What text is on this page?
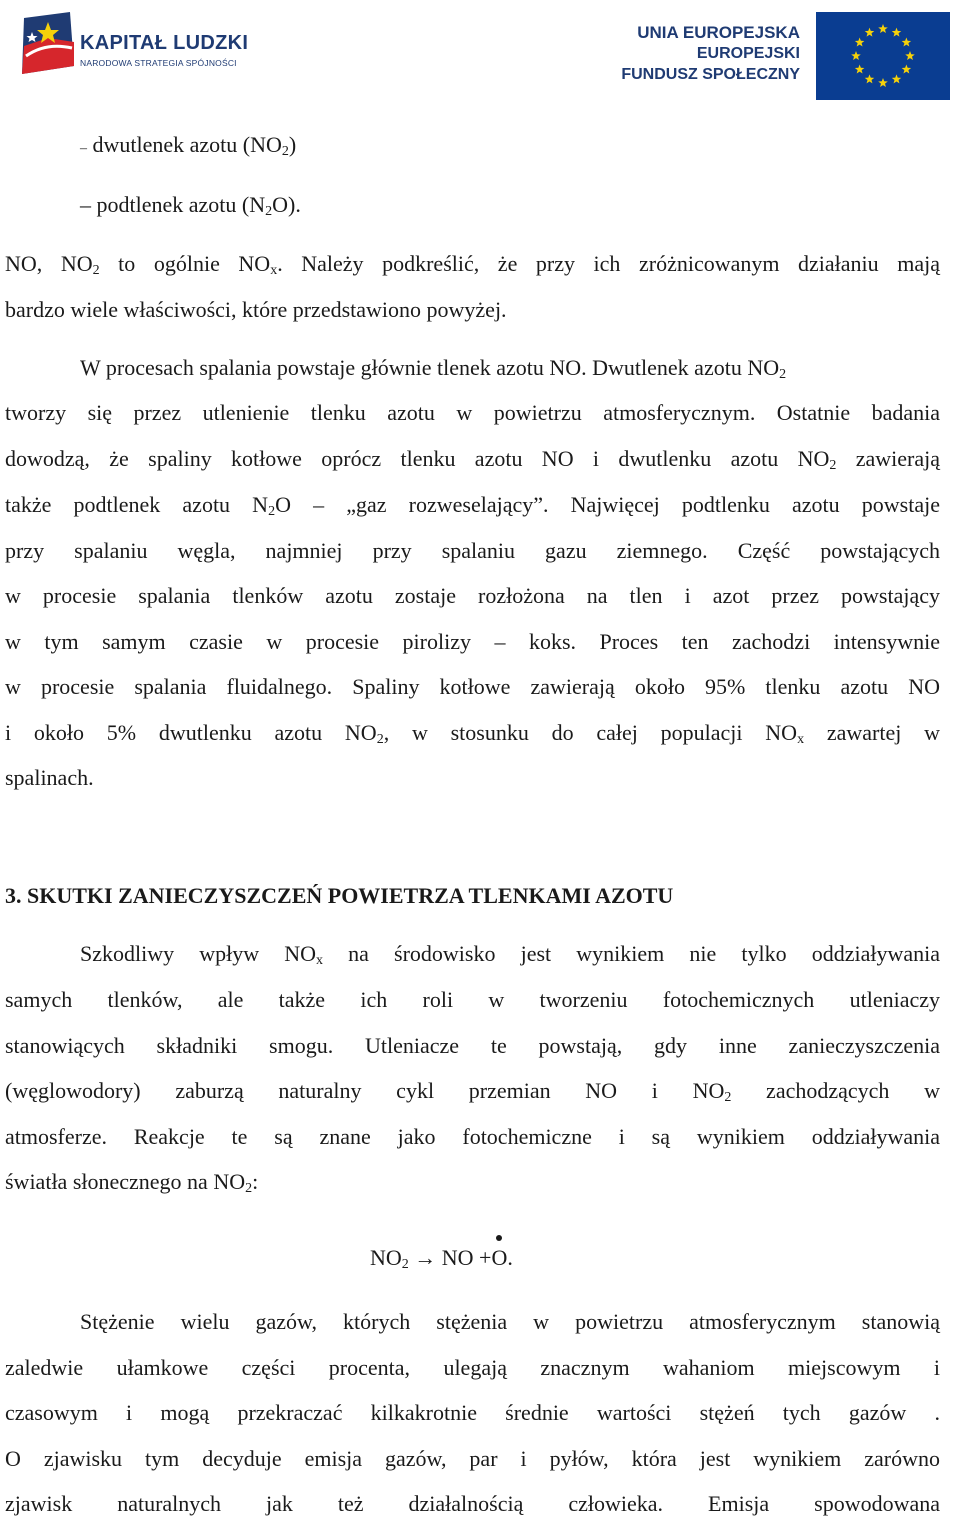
KAPITAŁ LUDZKI
NARODOWA STRATEGIA SPÓJNOŚCI
UNIA EUROPEJSKA
EUROPEJSKI
FUNDUSZ SPOŁECZNY
– dwutlenek azotu $(NO_2)$
– podtlenek azotu $(N_2O)$.
NO, $NO_2$ to ogólnie $NO_x$. Należy podkreślić, że przy ich zróżnicowanym działaniu mają
bardzo wiele właściwości, które przedstawiono powyżej.
W procesach spalania powstaje głównie tlenek azotu NO. Dwutlenek azotu $NO_2$
tworzy się przez utlenienie tlenku azotu w powietrzu atmosferycznym. Ostatnie badania
dowodzą, że spaliny kotłowe oprócz tlenku azotu NO i dwutlenku azotu $NO_2$ zawierają
także podtlenek azotu $N_2O$ – „gaz rozweselający”. Najwięcej podtlenku azotu powstaje
przy spalaniu węgla, najmniej przy spalaniu gazu ziemnego. Część powstających
w procesie spalania tlenków azotu zostaje rozłożona na tlen i azot przez powstający
w tym samym czasie w procesie pirolizy – koks. Proces ten zachodzi intensywnie
w procesie spalania fluidalnego. Spaliny kotłowe zawierają około 95% tlenku azotu NO
i około 5% dwutlenku azotu $NO_2$, w stosunku do całej populacji $NO_x$ zawartej w
spalinach.
3. SKUTKI ZANIECZYSZCZEŃ POWIETRZA TLENKAMI AZOTU
Szkodliwy wpływ $NO_x$ na środowisko jest wynikiem nie tylko oddziaływania
samych tlenków, ale także ich roli w tworzeniu fotochemicznych utleniaczy
stanowiących składniki smogu. Utleniacze te powstają, gdy inne zanieczyszczenia
(węglowodory) zaburzą naturalny cykl przemian NO i $NO_2$ zachodzących w
atmosferze. Reakcje te są znane jako fotochemiczne i są wynikiem oddziaływania
światła słonecznego na $NO_2$:
$NO_2$ → NO +
O.
Stężenie wielu gazów, których stężenia w powietrzu atmosferycznym stanowią
zaledwie ułamkowe części procenta, ulegają znacznym wahaniom miejscowym i
czasowym i mogą przekraczać kilkakrotnie średnie wartości stężeń tych gazów .
O zjawisku tym decyduje emisja gazów, par i pyłów, która jest wynikiem zarówno
zjawisk naturalnych jak też działalnością człowieka. Emisja spowodowana
